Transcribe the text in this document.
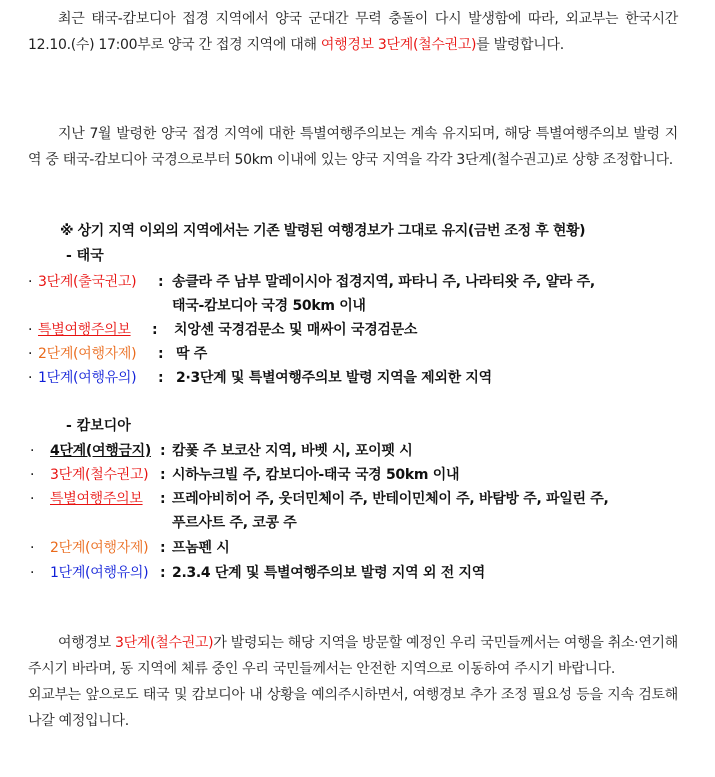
최근 태국-캄보디아 접경 지역에서 양국 군대간 무력 충돌이 다시 발생함에 따라, 외교부는 한국시간 12.10.(수) 17:00부로 양국 간 접경 지역에 대해 여행경보 3단계(철수권고)를 발령합니다.

지난 7월 발령한 양국 접경 지역에 대한 특별여행주의보는 계속 유지되며, 해당 특별여행주의보 발령 지역 중 태국-캄보디아 국경으로부터 50km 이내에 있는 양국 지역을 각각 3단계(철수권고)로 상향 조정합니다.

※ 상기 지역 이외의 지역에서는 기존 발령된 여행경보가 그대로 유지(금번 조정 후 현황)
- 태국
· 3단계(출국권고) : 송클라 주 남부 말레이시아 접경지역, 파타니 주, 나라티왓 주, 얄라 주,
태국-캄보디아 국경 50km 이내
· 특별여행주의보 : 치앙센 국경검문소 및 매싸이 국경검문소
· 2단계(여행자제) : 딱 주
· 1단계(여행유의) : 2·3단계 및 특별여행주의보 발령 지역을 제외한 지역
- 캄보디아
· 4단계(여행금지) : 캄퐃 주 보코산 지역, 바벳 시, 포이펫 시
· 3단계(철수권고) : 시하누크빌 주, 캄보디아-태국 국경 50km 이내
· 특별여행주의보 : 프레아비히어 주, 웃더민체이 주, 반테이민체이 주, 바탐방 주, 파일린 주,
푸르사트 주, 코콩 주
· 2단계(여행자제) : 프놈펜 시
· 1단계(여행유의) : 2.3.4 단계 및 특별여행주의보 발령 지역 외 전 지역

여행경보 3단계(철수권고)가 발령되는 해당 지역을 방문할 예정인 우리 국민들께서는 여행을 취소·연기해 주시기 바라며, 동 지역에 체류 중인 우리 국민들께서는 안전한 지역으로 이동하여 주시기 바랍니다.

외교부는 앞으로도 태국 및 캄보디아 내 상황을 예의주시하면서, 여행경보 추가 조정 필요성 등을 지속 검토해 나갈 예정입니다.
